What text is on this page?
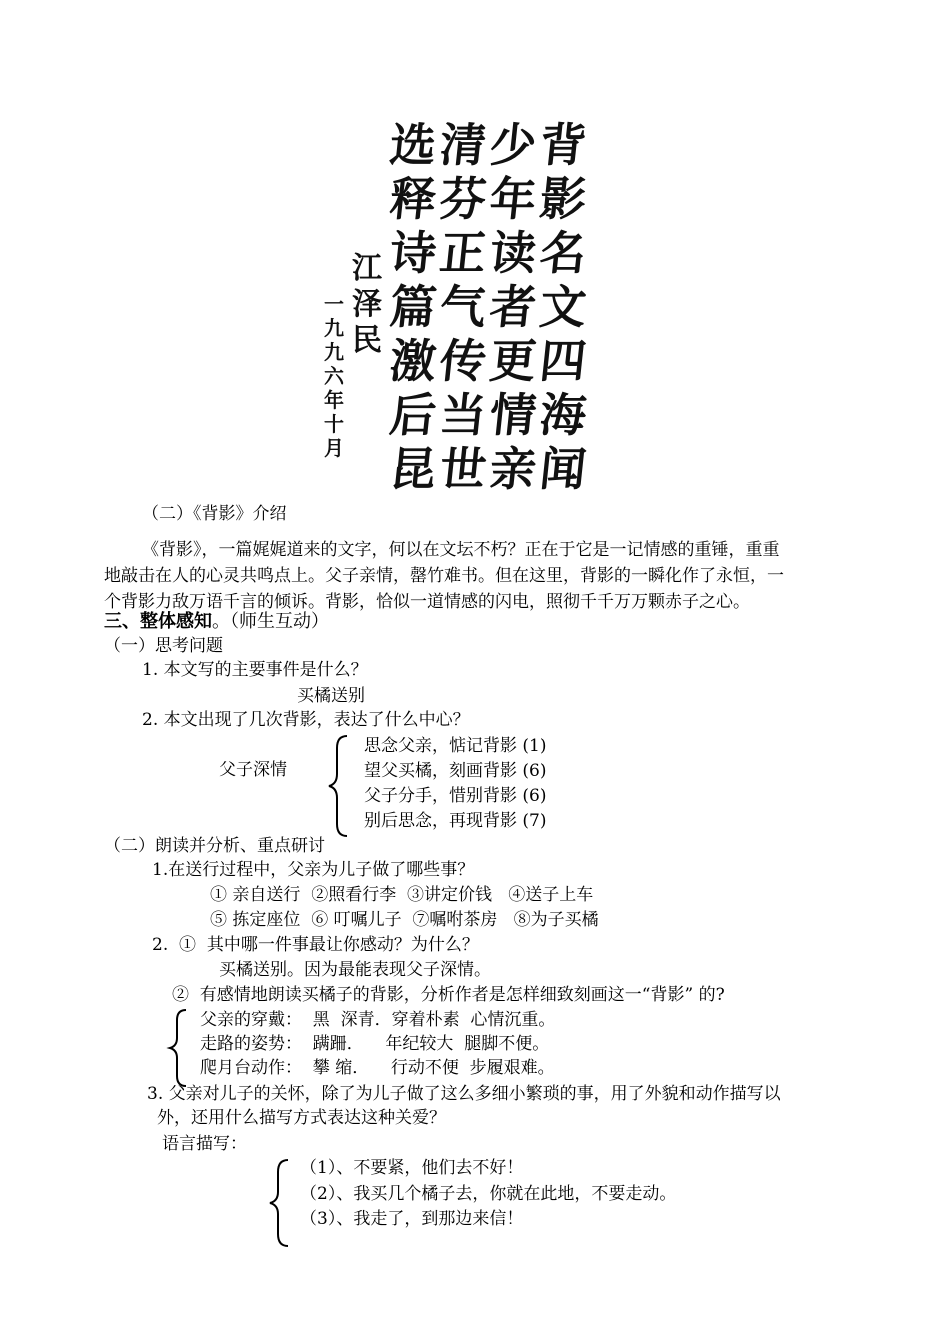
背
影
名
文
四
海
闻
少
年
读
者
更
情
亲
清
芬
正
气
传
当
世
选
释
诗
篇
激
后
昆
江
泽
民
一
九
九
六
年
十
月
（二）《背影》介绍
《背影》，一篇娓娓道来的文字，何以在文坛不朽？正在于它是一记情感的重锤，重重
地敲击在人的心灵共鸣点上。父子亲情，罄竹难书。但在这里，背影的一瞬化作了永恒，一
个背影力敌万语千言的倾诉。背影，恰似一道情感的闪电，照彻千千万万颗赤子之心。
三、整体感知。（师生互动）
（一）思考问题
1. 本文写的主要事件是什么？
买橘送别
2. 本文出现了几次背影，表达了什么中心？
父子深情
思念父亲，惦记背影 (1)
望父买橘，刻画背影 (6)
父子分手，惜别背影 (6)
别后思念，再现背影 (7)
（二）朗读并分析、重点研讨
1.在送行过程中，父亲为儿子做了哪些事？
① 亲自送行  ②照看行李  ③讲定价钱   ④送子上车
⑤ 拣定座位  ⑥ 叮嘱儿子  ⑦嘱咐茶房   ⑧为子买橘
2.  ①  其中哪一件事最让你感动？为什么？
买橘送别。因为最能表现父子深情。
②  有感情地朗读买橘子的背影，分析作者是怎样细致刻画这一“背影” 的?
父亲的穿戴：  黑  深青．穿着朴素  心情沉重。
走路的姿势：  蹒跚．    年纪较大  腿脚不便。
爬月台动作：  攀 缩．    行动不便  步履艰难。
3. 父亲对儿子的关怀，除了为儿子做了这么多细小繁琐的事，用了外貌和动作描写以
外，还用什么描写方式表达这种关爱？
语言描写：
（1）、不要紧，他们去不好！
（2）、我买几个橘子去，你就在此地，不要走动。
（3）、我走了，到那边来信！
